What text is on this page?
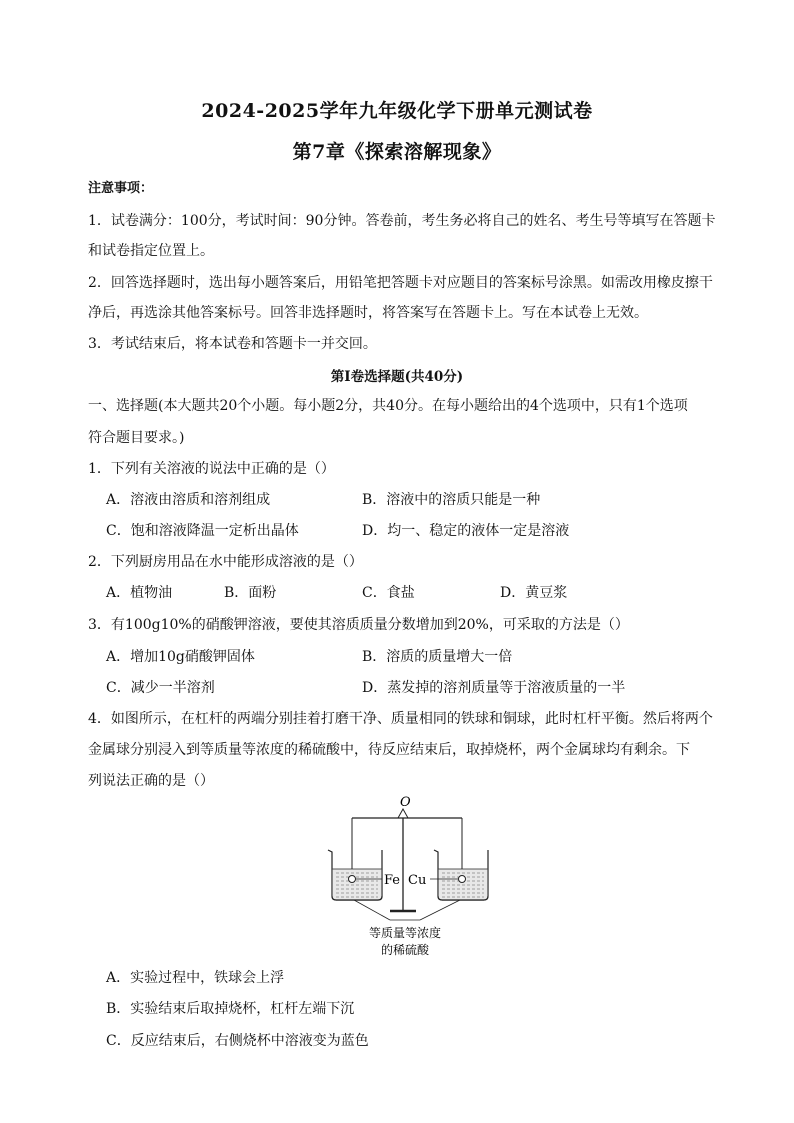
2024-2025学年九年级化学下册单元测试卷
第7章《探索溶解现象》
注意事项：
1．试卷满分：100分，考试时间：90分钟。答卷前，考生务必将自己的姓名、考生号等填写在答题卡
和试卷指定位置上。
2．回答选择题时，选出每小题答案后，用铅笔把答题卡对应题目的答案标号涂黑。如需改用橡皮擦干
净后，再选涂其他答案标号。回答非选择题时，将答案写在答题卡上。写在本试卷上无效。
3．考试结束后，将本试卷和答题卡一并交回。
第I卷选择题(共40分)
一、选择题(本大题共20个小题。每小题2分，共40分。在每小题给出的4个选项中，只有1个选项
符合题目要求。)
1．下列有关溶液的说法中正确的是（）
A．溶液由溶质和溶剂组成	B．溶液中的溶质只能是一种
C．饱和溶液降温一定析出晶体	D．均一、稳定的液体一定是溶液
2．下列厨房用品在水中能形成溶液的是（）
A．植物油	B．面粉	C．食盐	D．黄豆浆
3．有100g10%的硝酸钾溶液，要使其溶质质量分数增加到20%，可采取的方法是（）
A．增加10g硝酸钾固体	B．溶质的质量增大一倍
C．减少一半溶剂	D．蒸发掉的溶剂质量等于溶液质量的一半
4．如图所示，在杠杆的两端分别挂着打磨干净、质量相同的铁球和铜球，此时杠杆平衡。然后将两个
金属球分别浸入到等质量等浓度的稀硫酸中，待反应结束后，取掉烧杯，两个金属球均有剩余。下
列说法正确的是（）
O
Fe Cu
等质量等浓度
的稀硫酸
A．实验过程中，铁球会上浮
B．实验结束后取掉烧杯，杠杆左端下沉
C．反应结束后，右侧烧杯中溶液变为蓝色
